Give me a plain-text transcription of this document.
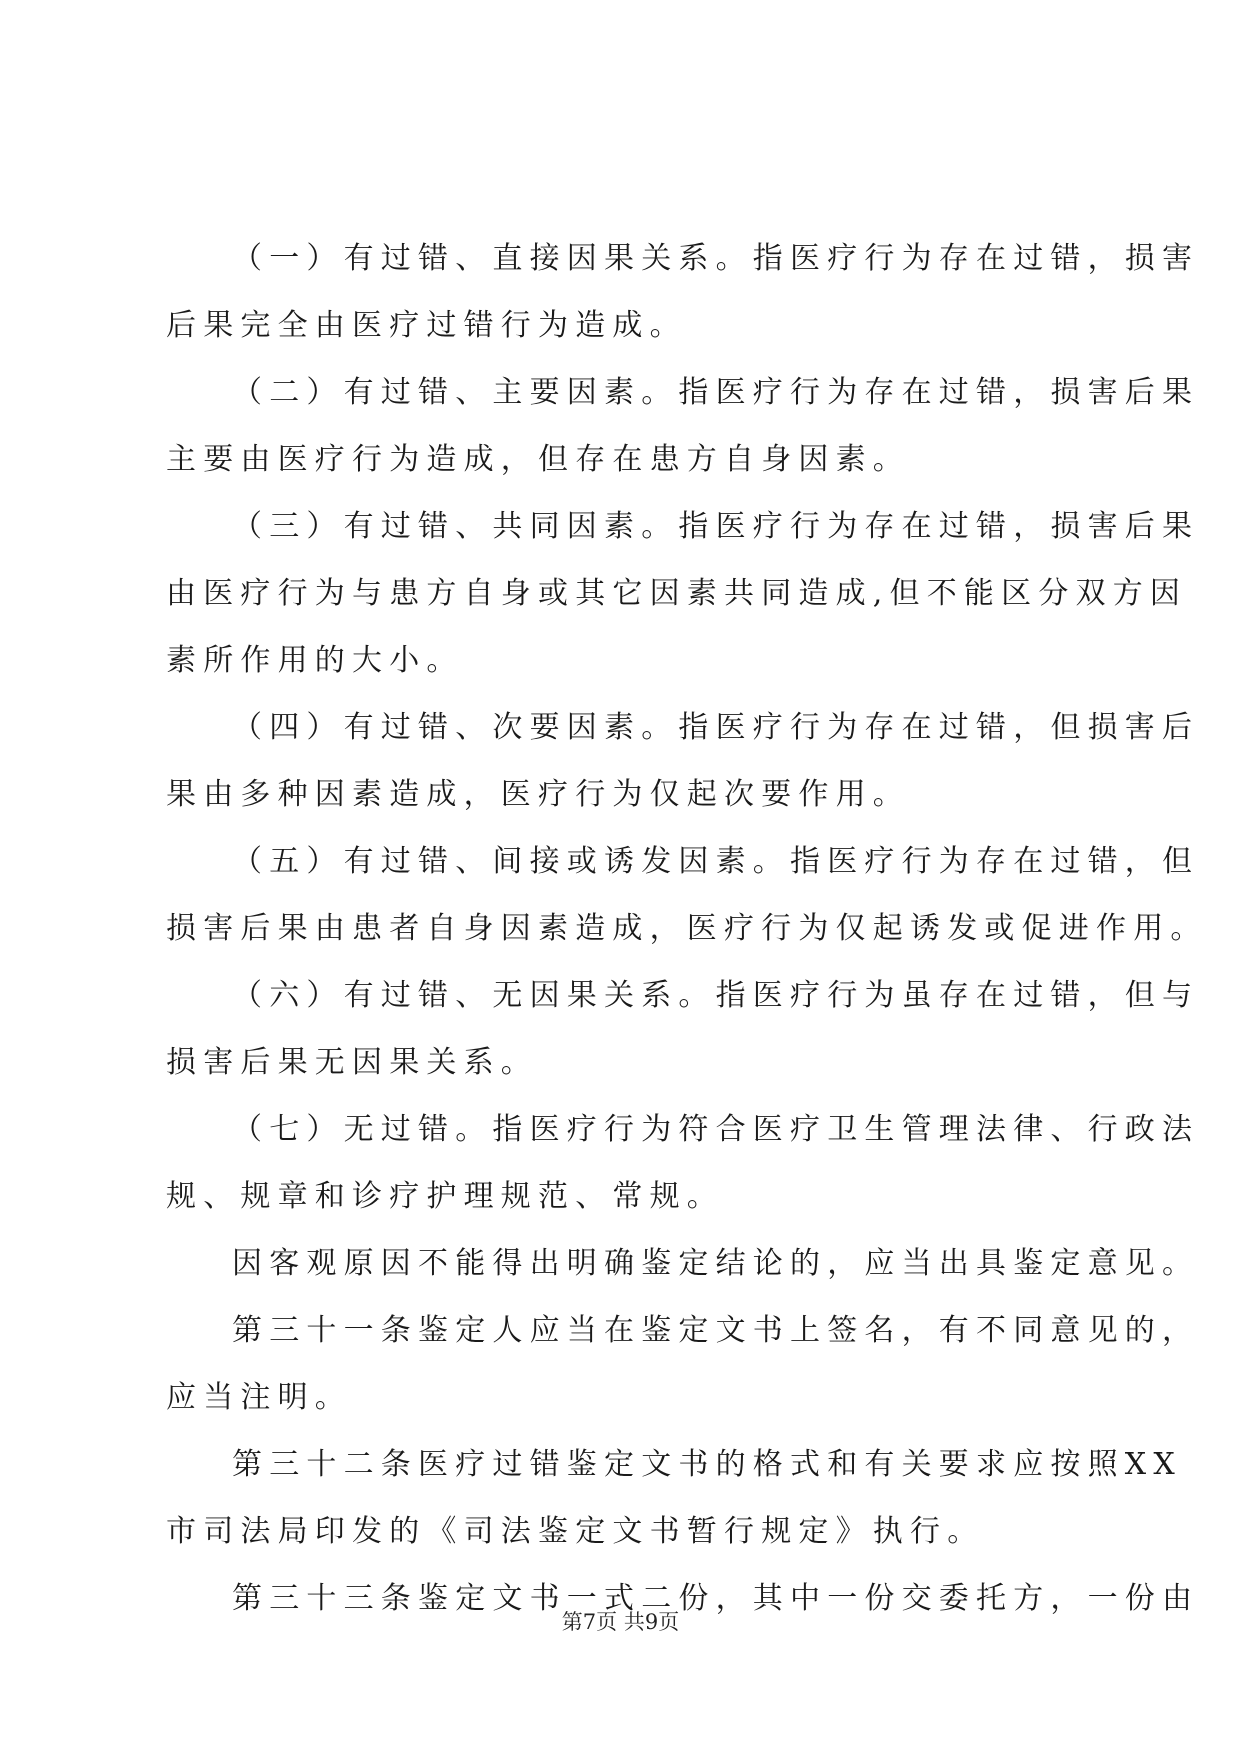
（一）有过错、直接因果关系。指医疗行为存在过错，损害
后果完全由医疗过错行为造成。
（二）有过错、主要因素。指医疗行为存在过错，损害后果
主要由医疗行为造成，但存在患方自身因素。
（三）有过错、共同因素。指医疗行为存在过错，损害后果
由医疗行为与患方自身或其它因素共同造成,但不能区分双方因
素所作用的大小。
（四）有过错、次要因素。指医疗行为存在过错，但损害后
果由多种因素造成，医疗行为仅起次要作用。
（五）有过错、间接或诱发因素。指医疗行为存在过错，但
损害后果由患者自身因素造成，医疗行为仅起诱发或促进作用。
（六）有过错、无因果关系。指医疗行为虽存在过错，但与
损害后果无因果关系。
（七）无过错。指医疗行为符合医疗卫生管理法律、行政法
规、规章和诊疗护理规范、常规。
因客观原因不能得出明确鉴定结论的，应当出具鉴定意见。
第三十一条鉴定人应当在鉴定文书上签名，有不同意见的，
应当注明。
第三十二条医疗过错鉴定文书的格式和有关要求应按照XX
市司法局印发的《司法鉴定文书暂行规定》执行。
第三十三条鉴定文书一式二份，其中一份交委托方，一份由
第7页 共9页
